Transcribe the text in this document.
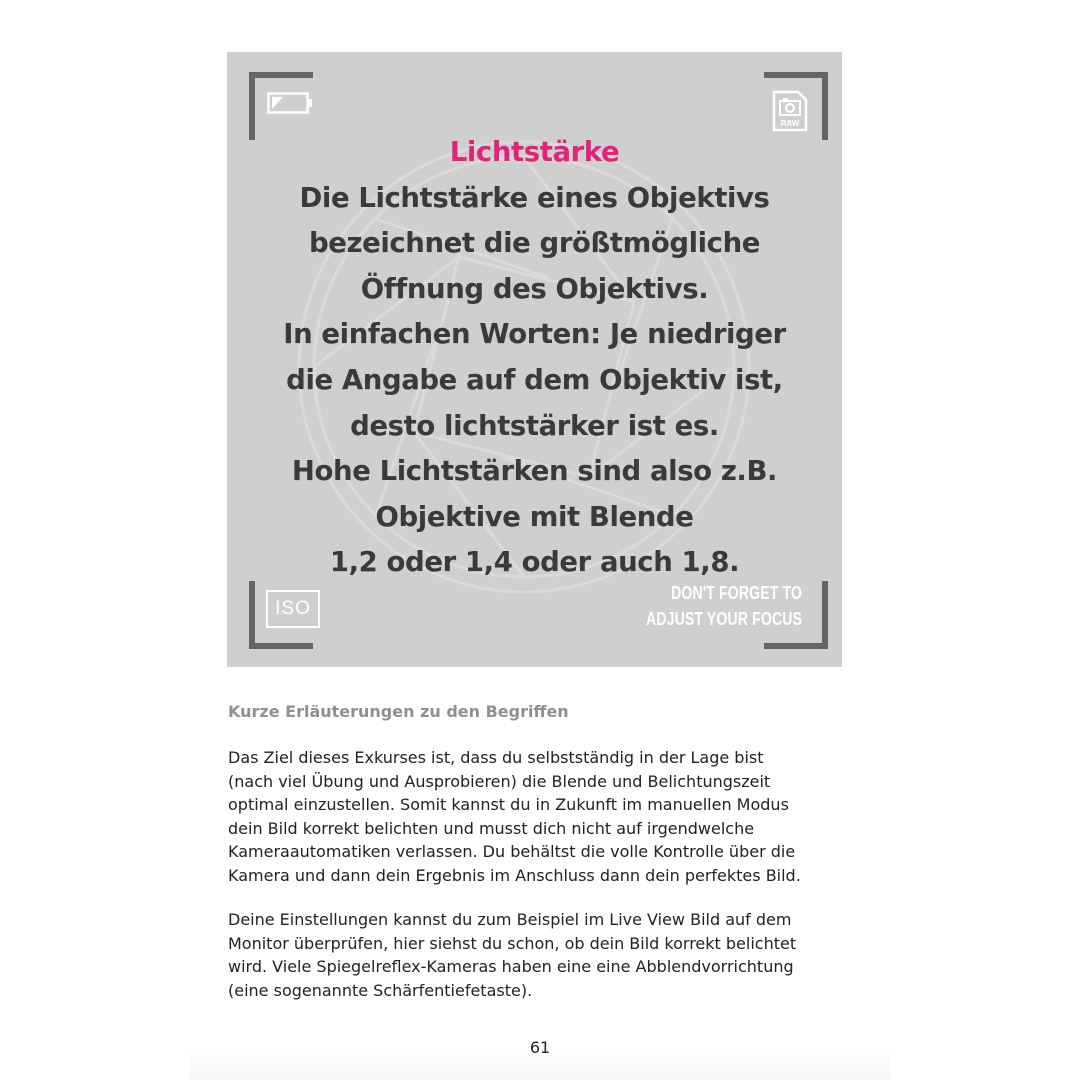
RAW
ISO
DON'T FORGET TO
ADJUST YOUR FOCUS
Lichtstärke
Die Lichtstärke eines Objektivs
bezeichnet die größtmögliche
Öffnung des Objektivs.
In einfachen Worten: Je niedriger
die Angabe auf dem Objektiv ist,
desto lichtstärker ist es.
Hohe Lichtstärken sind also z.B.
Objektive mit Blende
1,2 oder 1,4 oder auch 1,8.
Kurze Erläuterungen zu den Begriffen
Das Ziel dieses Exkurses ist, dass du selbstständig in der Lage bist
(nach viel Übung und Ausprobieren) die Blende und Belichtungszeit
optimal einzustellen. Somit kannst du in Zukunft im manuellen Modus
dein Bild korrekt belichten und musst dich nicht auf irgendwelche
Kameraautomatiken verlassen. Du behältst die volle Kontrolle über die
Kamera und dann dein Ergebnis im Anschluss dann dein perfektes Bild.
Deine Einstellungen kannst du zum Beispiel im Live View Bild auf dem
Monitor überprüfen, hier siehst du schon, ob dein Bild korrekt belichtet
wird. Viele Spiegelreflex-Kameras haben eine eine Abblendvorrichtung
(eine sogenannte Schärfentiefetaste).
61
